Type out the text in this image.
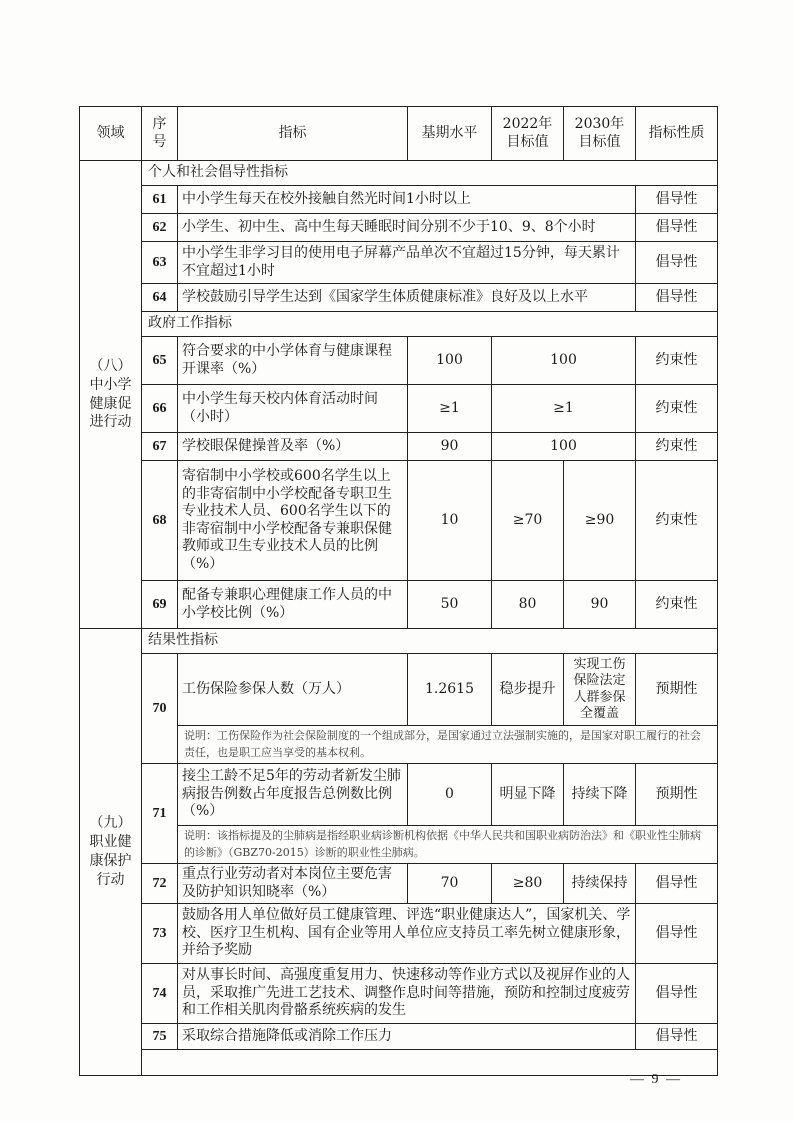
领域	序号	指标	基期水平	2022年目标值	2030年目标值	指标性质
（八）中小学健康促进行动	个人和社会倡导性指标					
	61	中小学生每天在校外接触自然光时间1小时以上				倡导性
	62	小学生、初中生、高中生每天睡眠时间分别不少于10、9、8个小时				倡导性
	63	中小学生非学习目的使用电子屏幕产品单次不宜超过15分钟，每天累计不宜超过1小时				倡导性
	64	学校鼓励引导学生达到《国家学生体质健康标准》良好及以上水平				倡导性
	政府工作指标					
	65	符合要求的中小学体育与健康课程开课率（%）	100	100		约束性
	66	中小学生每天校内体育活动时间（小时）	≥1	≥1		约束性
	67	学校眼保健操普及率（%）	90	100		约束性
	68	寄宿制中小学校或600名学生以上的非寄宿制中小学校配备专职卫生专业技术人员、600名学生以下的非寄宿制中小学校配备专兼职保健教师或卫生专业技术人员的比例（%）	10	≥70	≥90	约束性
	69	配备专兼职心理健康工作人员的中小学校比例（%）	50	80	90	约束性
（九）职业健康保护行动	结果性指标					
	70	工伤保险参保人数（万人）	1.2615	稳步提升	实现工伤保险法定人群参保全覆盖	预期性
		说明：工伤保险作为社会保险制度的一个组成部分，是国家通过立法强制实施的，是国家对职工履行的社会责任，也是职工应当享受的基本权利。				
	71	接尘工龄不足5年的劳动者新发尘肺病报告例数占年度报告总例数比例（%）	0	明显下降	持续下降	预期性
		说明：该指标提及的尘肺病是指经职业病诊断机构依据《中华人民共和国职业病防治法》和《职业性尘肺病的诊断》（GBZ70-2015）诊断的职业性尘肺病。				
	72	重点行业劳动者对本岗位主要危害及防护知识知晓率（%）	70	≥80	持续保持	倡导性
	73	鼓励各用人单位做好员工健康管理、评选“职业健康达人”，国家机关、学校、医疗卫生机构、国有企业等用人单位应支持员工率先树立健康形象，并给予奖励				倡导性
	74	对从事长时间、高强度重复用力、快速移动等作业方式以及视屏作业的人员，采取推广先进工艺技术、调整作息时间等措施，预防和控制过度疲劳和工作相关肌肉骨骼系统疾病的发生				倡导性
	75	采取综合措施降低或消除工作压力				倡导性

— 9 —
